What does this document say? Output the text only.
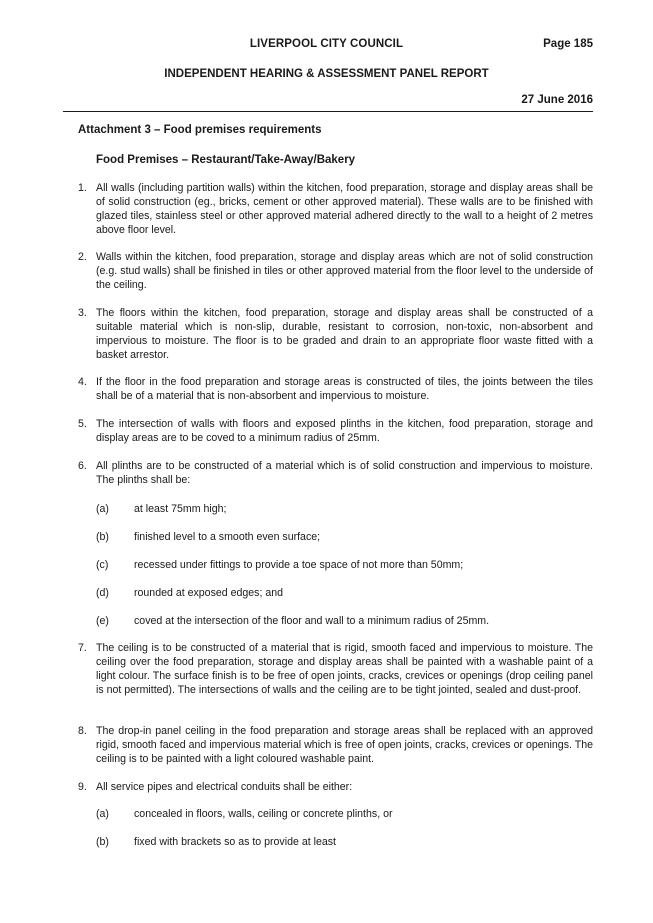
LIVERPOOL CITY COUNCIL	Page 185
INDEPENDENT HEARING & ASSESSMENT PANEL REPORT
27 June 2016
Attachment 3 – Food premises requirements
Food Premises – Restaurant/Take-Away/Bakery
1. All walls (including partition walls) within the kitchen, food preparation, storage and display areas shall be of solid construction (eg., bricks, cement or other approved material). These walls are to be finished with glazed tiles, stainless steel or other approved material adhered directly to the wall to a height of 2 metres above floor level.
2. Walls within the kitchen, food preparation, storage and display areas which are not of solid construction (e.g. stud walls) shall be finished in tiles or other approved material from the floor level to the underside of the ceiling.
3. The floors within the kitchen, food preparation, storage and display areas shall be constructed of a suitable material which is non-slip, durable, resistant to corrosion, non-toxic, non-absorbent and impervious to moisture. The floor is to be graded and drain to an appropriate floor waste fitted with a basket arrestor.
4. If the floor in the food preparation and storage areas is constructed of tiles, the joints between the tiles shall be of a material that is non-absorbent and impervious to moisture.
5. The intersection of walls with floors and exposed plinths in the kitchen, food preparation, storage and display areas are to be coved to a minimum radius of 25mm.
6. All plinths are to be constructed of a material which is of solid construction and impervious to moisture. The plinths shall be:
(a)	at least 75mm high;
(b)	finished level to a smooth even surface;
(c)	recessed under fittings to provide a toe space of not more than 50mm;
(d)	rounded at exposed edges; and
(e)	coved at the intersection of the floor and wall to a minimum radius of 25mm.
7. The ceiling is to be constructed of a material that is rigid, smooth faced and impervious to moisture. The ceiling over the food preparation, storage and display areas shall be painted with a washable paint of a light colour. The surface finish is to be free of open joints, cracks, crevices or openings (drop ceiling panel is not permitted). The intersections of walls and the ceiling are to be tight jointed, sealed and dust-proof.
8. The drop-in panel ceiling in the food preparation and storage areas shall be replaced with an approved rigid, smooth faced and impervious material which is free of open joints, cracks, crevices or openings. The ceiling is to be painted with a light coloured washable paint.
9. All service pipes and electrical conduits shall be either:
(a)	concealed in floors, walls, ceiling or concrete plinths, or
(b)	fixed with brackets so as to provide at least
